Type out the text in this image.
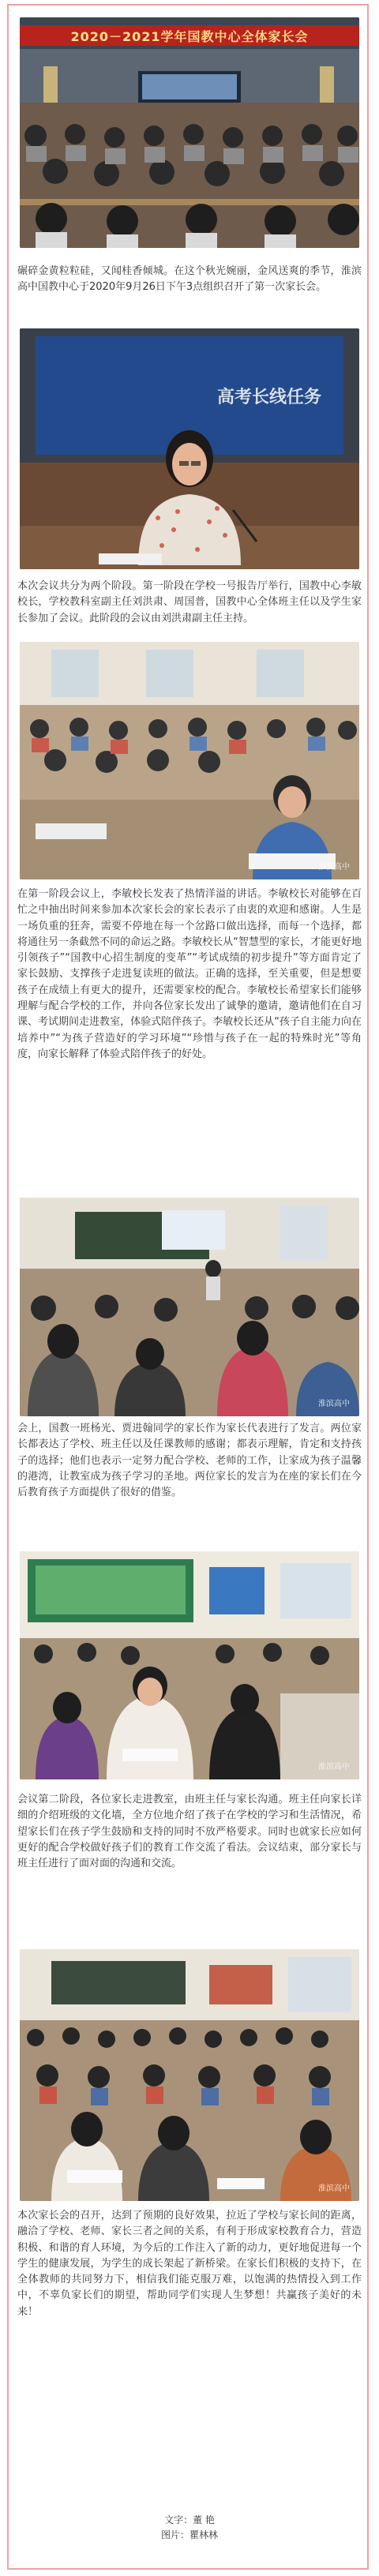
2020－2021学年国教中心全体家长会

碾碎金黄粒粒硅，又闻桂香倾城。在这个秋光婉丽，金风送爽的季节，淮滨高中国教中心于2020年9月26日下午3点组织召开了第一次家长会。

高考长线任务

本次会议共分为两个阶段。第一阶段在学校一号报告厅举行，国教中心李敏校长，学校教科室副主任刘洪肃、周国普，国教中心全体班主任以及学生家长参加了会议。此阶段的会议由刘洪肃副主任主持。

淮滨高中

在第一阶段会议上，李敏校长发表了热情洋溢的讲话。李敏校长对能够在百忙之中抽出时间来参加本次家长会的家长表示了由衷的欢迎和感谢。人生是一场负重的狂奔，需要不停地在每一个岔路口做出选择，而每一个选择，都将通往另一条截然不同的命运之路。李敏校长从“智慧型的家长，才能更好地引领孩子”“国教中心招生制度的变革”“考试成绩的初步提升”等方面肯定了家长鼓励、支撑孩子走进复读班的做法。正确的选择，至关重要，但是想要孩子在成绩上有更大的提升，还需要家校的配合。李敏校长希望家长们能够理解与配合学校的工作，并向各位家长发出了诚挚的邀请，邀请他们在自习课、考试期间走进教室，体验式陪伴孩子。李敏校长还从“孩子自主能力向在培养中”“为孩子营造好的学习环境”“珍惜与孩子在一起的特殊时光”等角度，向家长解释了体验式陪伴孩子的好处。

淮滨高中

会上，国教一班杨光、贾进翰同学的家长作为家长代表进行了发言。两位家长都表达了学校、班主任以及任课教师的感谢；都表示理解，肯定和支持孩子的选择；他们也表示一定努力配合学校、老师的工作，让家成为孩子温馨的港湾，让教室成为孩子学习的圣地。两位家长的发言为在座的家长们在今后教育孩子方面提供了很好的借鉴。

淮滨高中

会议第二阶段，各位家长走进教室，由班主任与家长沟通。班主任向家长详细的介绍班级的文化墙，全方位地介绍了孩子在学校的学习和生活情况，希望家长们在孩子学生鼓励和支持的同时不放严格要求。同时也就家长应如何更好的配合学校做好孩子们的教育工作交流了看法。会议结束，部分家长与班主任进行了面对面的沟通和交流。

淮滨高中

本次家长会的召开，达到了预期的良好效果，拉近了学校与家长间的距离，融洽了学校、老师、家长三者之间的关系，有利于形成家校教育合力，营造积极、和谐的育人环境，为今后的工作注入了新的动力，更好地促进每一个学生的健康发展，为学生的成长架起了新桥梁。在家长们积极的支持下，在全体教师的共同努力下，相信我们能克服万难，以饱满的热情投入到工作中，不辜负家长们的期望，帮助同学们实现人生梦想！共赢孩子美好的未来！

文字：董 艳
图片：瞿林林
